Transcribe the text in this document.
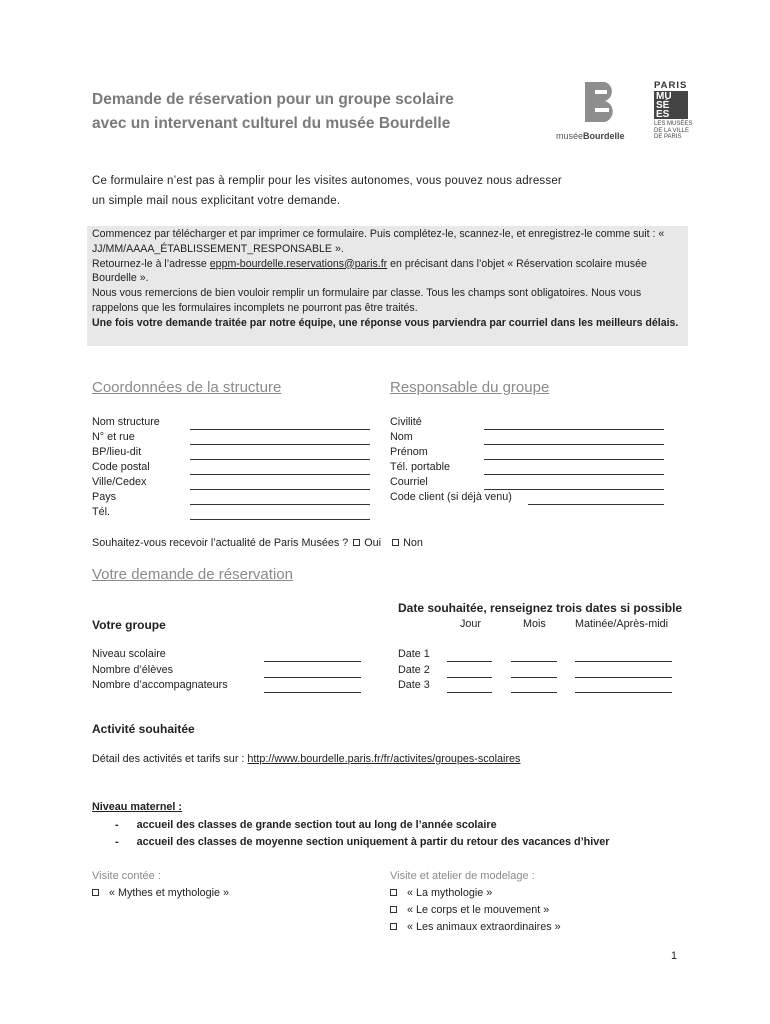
Demande de réservation pour un groupe scolaire
avec un intervenant culturel du musée Bourdelle
muséeBourdelle
PARIS
MU
SÉ
ES
LES MUSÉES DE LA VILLE DE PARIS
Ce formulaire n’est pas à remplir pour les visites autonomes, vous pouvez nous adresser
un simple mail nous explicitant votre demande.
Commencez par télécharger et par imprimer ce formulaire. Puis complétez-le, scannez-le, et enregistrez-le comme suit : « JJ/MM/AAAA_ÉTABLISSEMENT_RESPONSABLE ».
Retournez-le à l’adresse eppm-bourdelle.reservations@paris.fr en précisant dans l’objet « Réservation scolaire musée Bourdelle ».
Nous vous remercions de bien vouloir remplir un formulaire par classe. Tous les champs sont obligatoires. Nous vous rappelons que les formulaires incomplets ne pourront pas être traités.
Une fois votre demande traitée par notre équipe, une réponse vous parviendra par courriel dans les meilleurs délais.
Coordonnées de la structure	Responsable du groupe
Nom structure
N° et rue
BP/lieu-dit
Code postal
Ville/Cedex
Pays
Tél.
Civilité
Nom
Prénom
Tél. portable
Courriel
Code client (si déjà venu)
Souhaitez-vous recevoir l’actualité de Paris Musées ? Oui Non
Votre demande de réservation
Votre groupe
Date souhaitée, renseignez trois dates si possible
Jour	Mois	Matinée/Après-midi
Niveau scolaire
Nombre d’élèves
Nombre d’accompagnateurs
Date 1
Date 2
Date 3
Activité souhaitée
Détail des activités et tarifs sur : http://www.bourdelle.paris.fr/fr/activites/groupes-scolaires
Niveau maternel :
-      accueil des classes de grande section tout au long de l’année scolaire
-      accueil des classes de moyenne section uniquement à partir du retour des vacances d’hiver
Visite contée :	Visite et atelier de modelage :
« Mythes et mythologie »	« La mythologie »
« Le corps et le mouvement »
« Les animaux extraordinaires »
1
